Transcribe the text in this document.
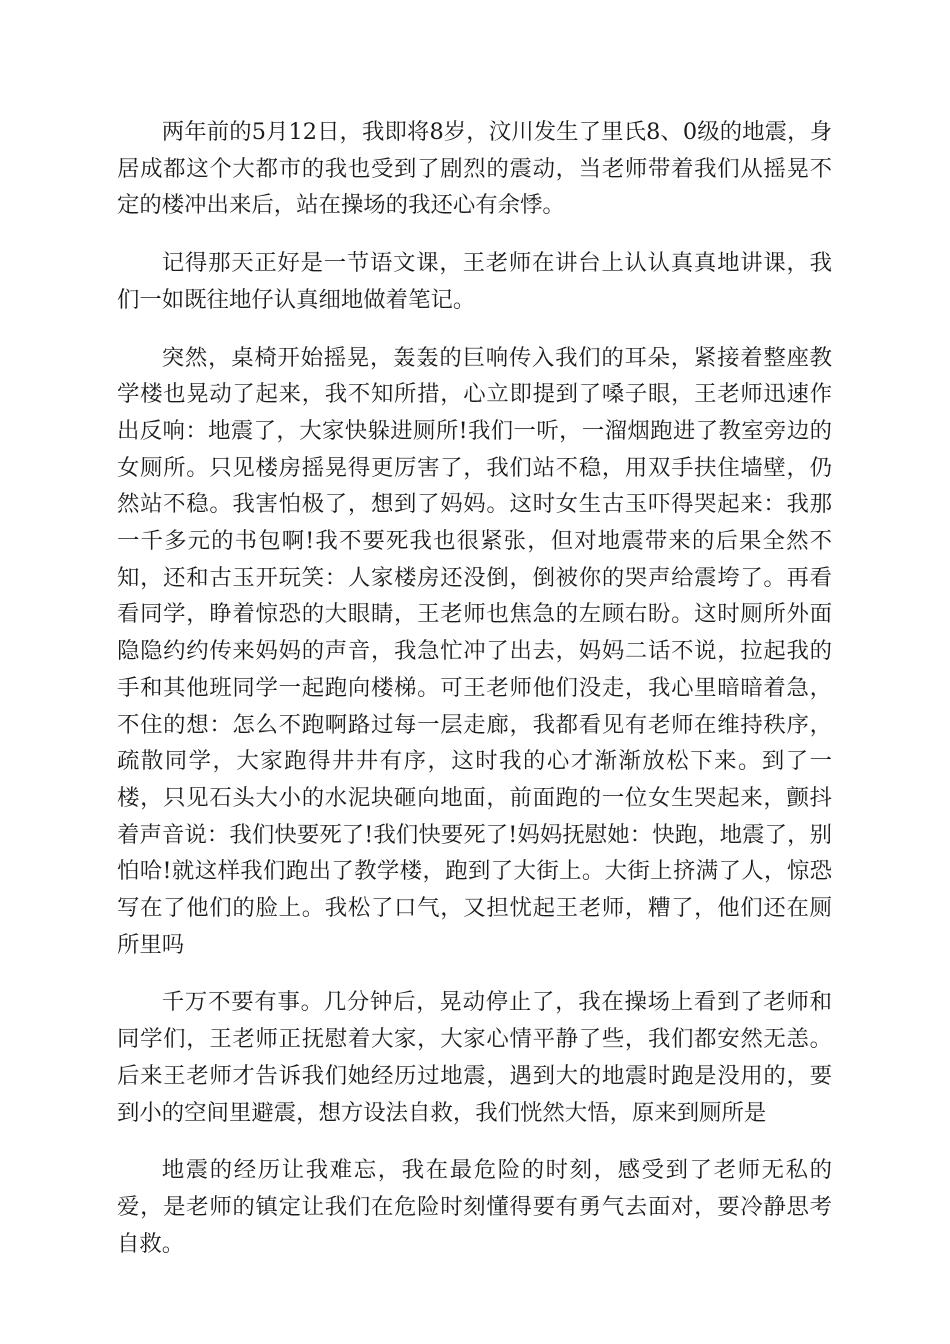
两年前的5月12日，我即将8岁，汶川发生了里氏8、0级的地震，身居成都这个大都市的我也受到了剧烈的震动，当老师带着我们从摇晃不定的楼冲出来后，站在操场的我还心有余悸。

记得那天正好是一节语文课，王老师在讲台上认认真真地讲课，我们一如既往地仔认真细地做着笔记。

突然，桌椅开始摇晃，轰轰的巨响传入我们的耳朵，紧接着整座教学楼也晃动了起来，我不知所措，心立即提到了嗓子眼，王老师迅速作出反响：地震了，大家快躲进厕所!我们一听，一溜烟跑进了教室旁边的女厕所。只见楼房摇晃得更厉害了，我们站不稳，用双手扶住墙壁，仍然站不稳。我害怕极了，想到了妈妈。这时女生古玉吓得哭起来：我那一千多元的书包啊!我不要死我也很紧张，但对地震带来的后果全然不知，还和古玉开玩笑：人家楼房还没倒，倒被你的哭声给震垮了。再看看同学，睁着惊恐的大眼睛，王老师也焦急的左顾右盼。这时厕所外面隐隐约约传来妈妈的声音，我急忙冲了出去，妈妈二话不说，拉起我的手和其他班同学一起跑向楼梯。可王老师他们没走，我心里暗暗着急，不住的想：怎么不跑啊路过每一层走廊，我都看见有老师在维持秩序，疏散同学，大家跑得井井有序，这时我的心才渐渐放松下来。到了一楼，只见石头大小的水泥块砸向地面，前面跑的一位女生哭起来，颤抖着声音说：我们快要死了!我们快要死了!妈妈抚慰她：快跑，地震了，别怕哈!就这样我们跑出了教学楼，跑到了大街上。大街上挤满了人，惊恐写在了他们的脸上。我松了口气，又担忧起王老师，糟了，他们还在厕所里吗

千万不要有事。几分钟后，晃动停止了，我在操场上看到了老师和同学们，王老师正抚慰着大家，大家心情平静了些，我们都安然无恙。后来王老师才告诉我们她经历过地震，遇到大的地震时跑是没用的，要到小的空间里避震，想方设法自救，我们恍然大悟，原来到厕所是

地震的经历让我难忘，我在最危险的时刻，感受到了老师无私的爱，是老师的镇定让我们在危险时刻懂得要有勇气去面对，要冷静思考自救。
